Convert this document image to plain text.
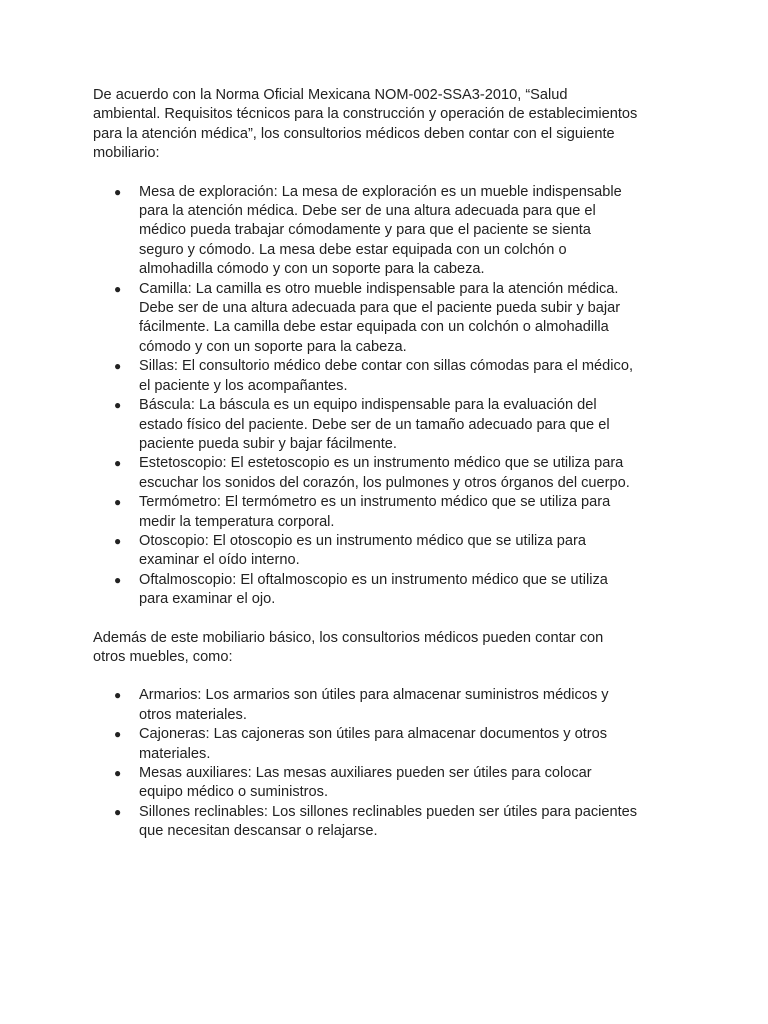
De acuerdo con la Norma Oficial Mexicana NOM-002-SSA3-2010, “Salud ambiental. Requisitos técnicos para la construcción y operación de establecimientos para la atención médica”, los consultorios médicos deben contar con el siguiente mobiliario:

● Mesa de exploración: La mesa de exploración es un mueble indispensable para la atención médica. Debe ser de una altura adecuada para que el médico pueda trabajar cómodamente y para que el paciente se sienta seguro y cómodo. La mesa debe estar equipada con un colchón o almohadilla cómodo y con un soporte para la cabeza.
● Camilla: La camilla es otro mueble indispensable para la atención médica. Debe ser de una altura adecuada para que el paciente pueda subir y bajar fácilmente. La camilla debe estar equipada con un colchón o almohadilla cómodo y con un soporte para la cabeza.
● Sillas: El consultorio médico debe contar con sillas cómodas para el médico, el paciente y los acompañantes.
● Báscula: La báscula es un equipo indispensable para la evaluación del estado físico del paciente. Debe ser de un tamaño adecuado para que el paciente pueda subir y bajar fácilmente.
● Estetoscopio: El estetoscopio es un instrumento médico que se utiliza para escuchar los sonidos del corazón, los pulmones y otros órganos del cuerpo.
● Termómetro: El termómetro es un instrumento médico que se utiliza para medir la temperatura corporal.
● Otoscopio: El otoscopio es un instrumento médico que se utiliza para examinar el oído interno.
● Oftalmoscopio: El oftalmoscopio es un instrumento médico que se utiliza para examinar el ojo.

Además de este mobiliario básico, los consultorios médicos pueden contar con otros muebles, como:

● Armarios: Los armarios son útiles para almacenar suministros médicos y otros materiales.
● Cajoneras: Las cajoneras son útiles para almacenar documentos y otros materiales.
● Mesas auxiliares: Las mesas auxiliares pueden ser útiles para colocar equipo médico o suministros.
● Sillones reclinables: Los sillones reclinables pueden ser útiles para pacientes que necesitan descansar o relajarse.
